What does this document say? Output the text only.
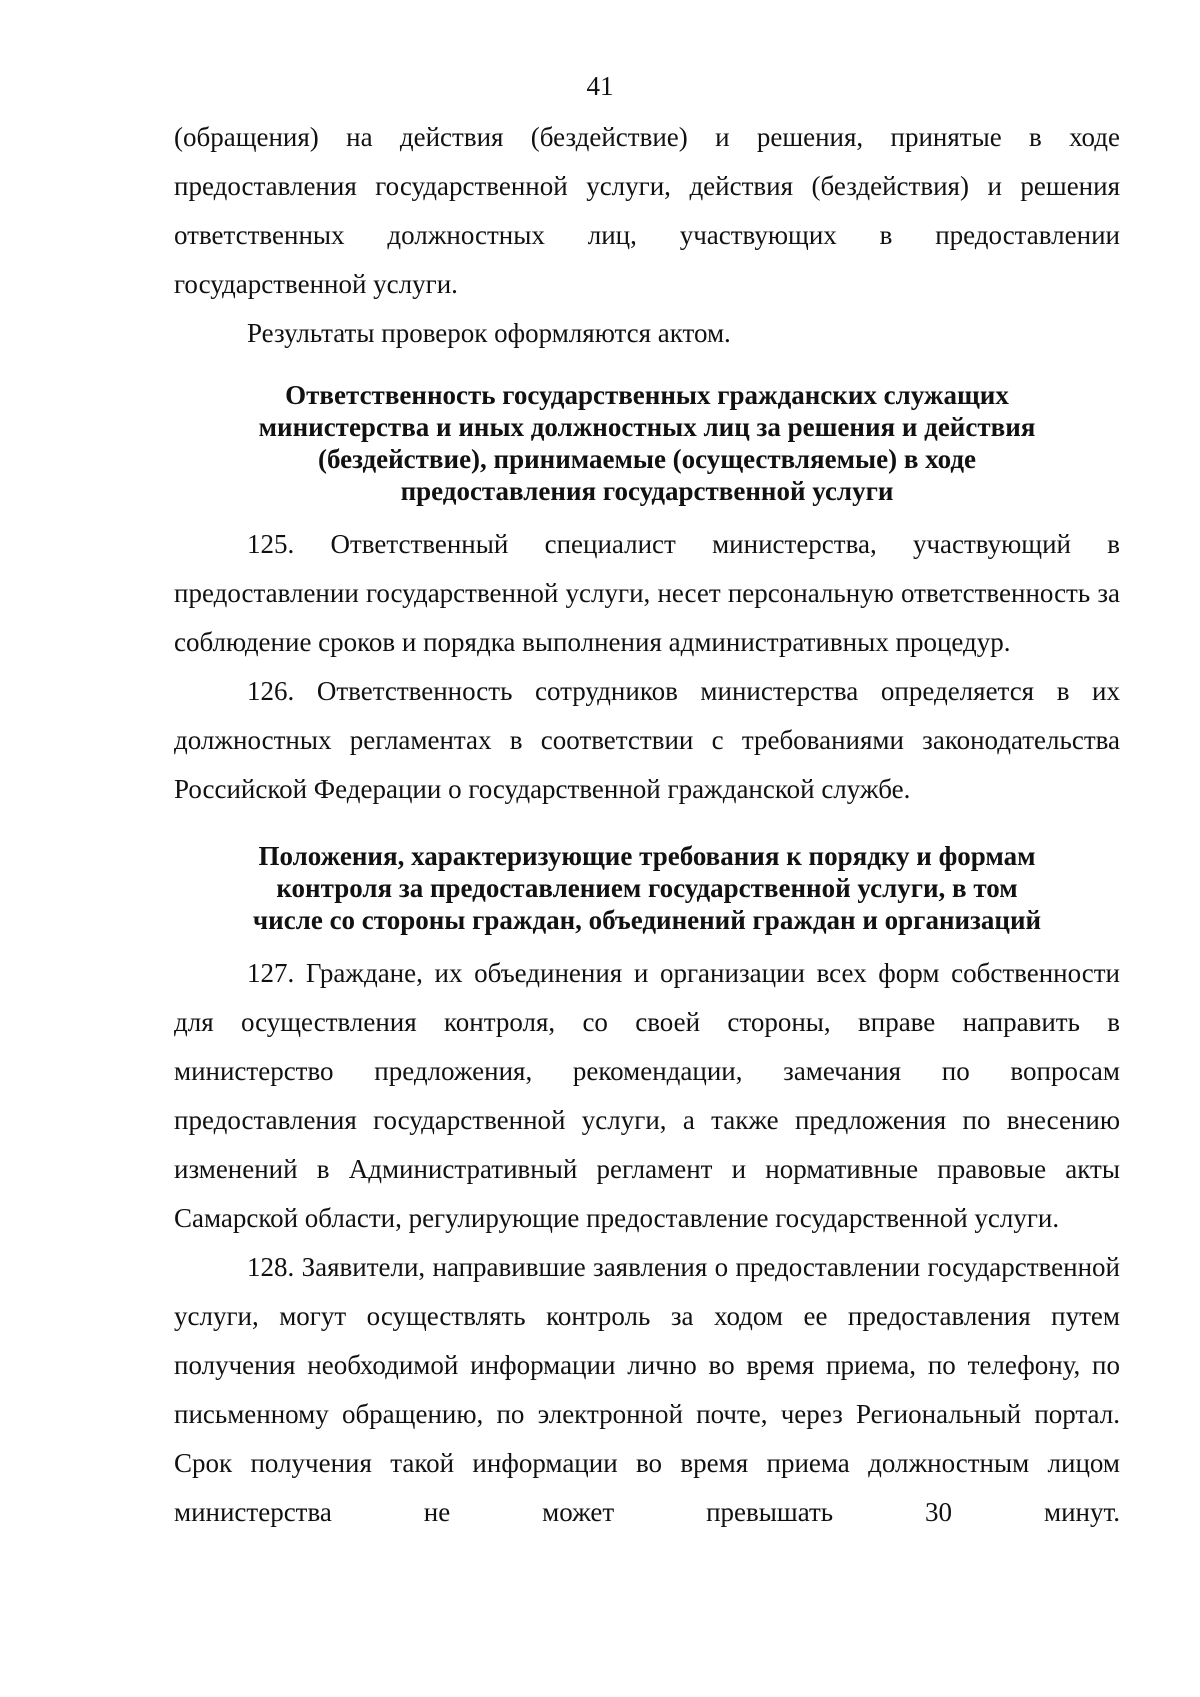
41

(обращения) на действия (бездействие) и решения, принятые в ходе предоставления государственной услуги, действия (бездействия) и решения ответственных должностных лиц, участвующих в предоставлении государственной услуги.

Результаты проверок оформляются актом.

Ответственность государственных гражданских служащих
министерства и иных должностных лиц за решения и действия
(бездействие), принимаемые (осуществляемые) в ходе
предоставления государственной услуги

125. Ответственный специалист министерства, участвующий в предоставлении государственной услуги, несет персональную ответственность за соблюдение сроков и порядка выполнения административных процедур.

126. Ответственность сотрудников министерства определяется в их должностных регламентах в соответствии с требованиями законодательства Российской Федерации о государственной гражданской службе.

Положения, характеризующие требования к порядку и формам
контроля за предоставлением государственной услуги, в том
числе со стороны граждан, объединений граждан и организаций

127. Граждане, их объединения и организации всех форм собственности для осуществления контроля, со своей стороны, вправе направить в министерство предложения, рекомендации, замечания по вопросам предоставления государственной услуги, а также предложения по внесению изменений в Административный регламент и нормативные правовые акты Самарской области, регулирующие предоставление государственной услуги.

128. Заявители, направившие заявления о предоставлении государственной услуги, могут осуществлять контроль за ходом ее предоставления путем получения необходимой информации лично во время приема, по телефону, по письменному обращению, по электронной почте, через Региональный портал. Срок получения такой информации во время приема должностным лицом министерства не может превышать 30 минут.
